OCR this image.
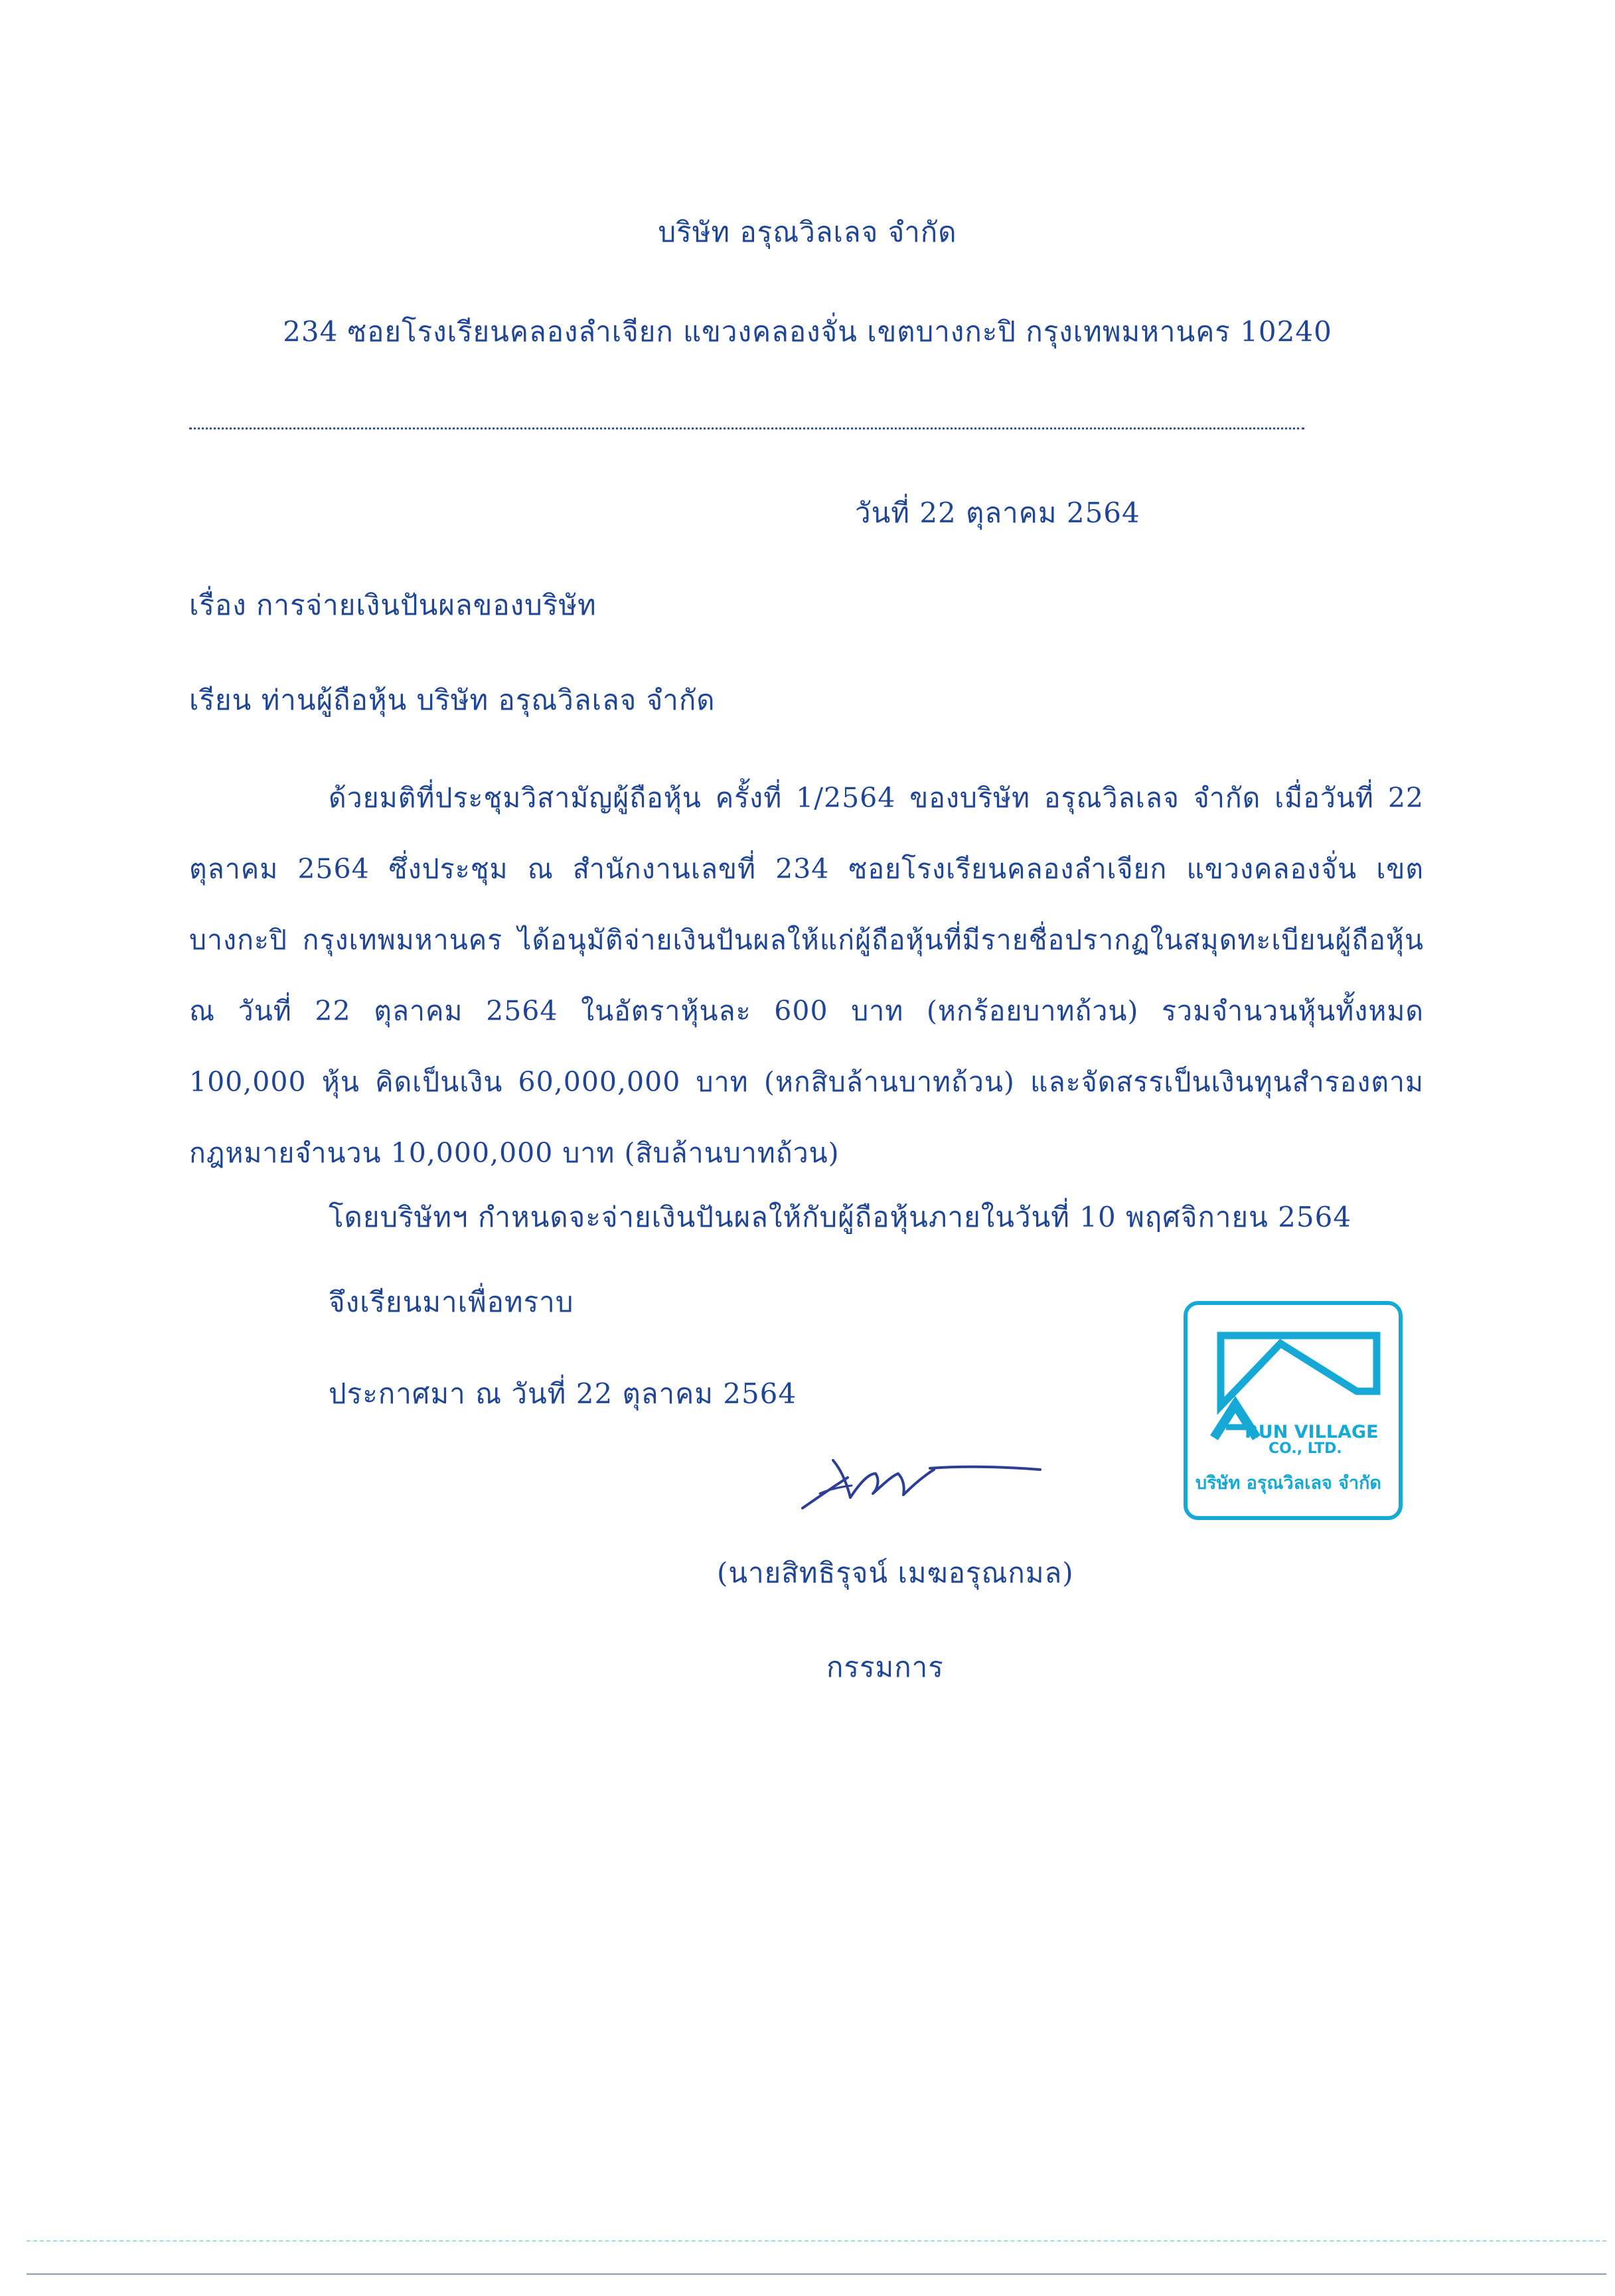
บริษัท อรุณวิลเลจ จำกัด
234 ซอยโรงเรียนคลองลำเจียก แขวงคลองจั่น เขตบางกะปิ กรุงเทพมหานคร 10240
วันที่ 22 ตุลาคม 2564
เรื่อง การจ่ายเงินปันผลของบริษัท
เรียน ท่านผู้ถือหุ้น บริษัท อรุณวิลเลจ จำกัด
ด้วยมติที่ประชุมวิสามัญผู้ถือหุ้น ครั้งที่ 1/2564 ของบริษัท อรุณวิลเลจ จำกัด เมื่อวันที่ 22 ตุลาคม 2564 ซึ่งประชุม ณ สำนักงานเลขที่ 234 ซอยโรงเรียนคลองลำเจียก แขวงคลองจั่น เขตบางกะปิ กรุงเทพมหานคร ได้อนุมัติจ่ายเงินปันผลให้แก่ผู้ถือหุ้นที่มีรายชื่อปรากฏในสมุดทะเบียนผู้ถือหุ้น ณ วันที่ 22 ตุลาคม 2564 ในอัตราหุ้นละ 600 บาท (หกร้อยบาทถ้วน) รวมจำนวนหุ้นทั้งหมด 100,000 หุ้น คิดเป็นเงิน 60,000,000 บาท (หกสิบล้านบาทถ้วน) และจัดสรรเป็นเงินทุนสำรองตามกฎหมายจำนวน 10,000,000 บาท (สิบล้านบาทถ้วน)
โดยบริษัทฯ กำหนดจะจ่ายเงินปันผลให้กับผู้ถือหุ้นภายในวันที่ 10 พฤศจิกายน 2564
จึงเรียนมาเพื่อทราบ
ประกาศมา ณ วันที่ 22 ตุลาคม 2564
RUN VILLAGE
CO., LTD.
บริษัท อรุณวิลเลจ จำกัด
(นายสิทธิรุจน์ เมฆอรุณกมล)
กรรมการ
